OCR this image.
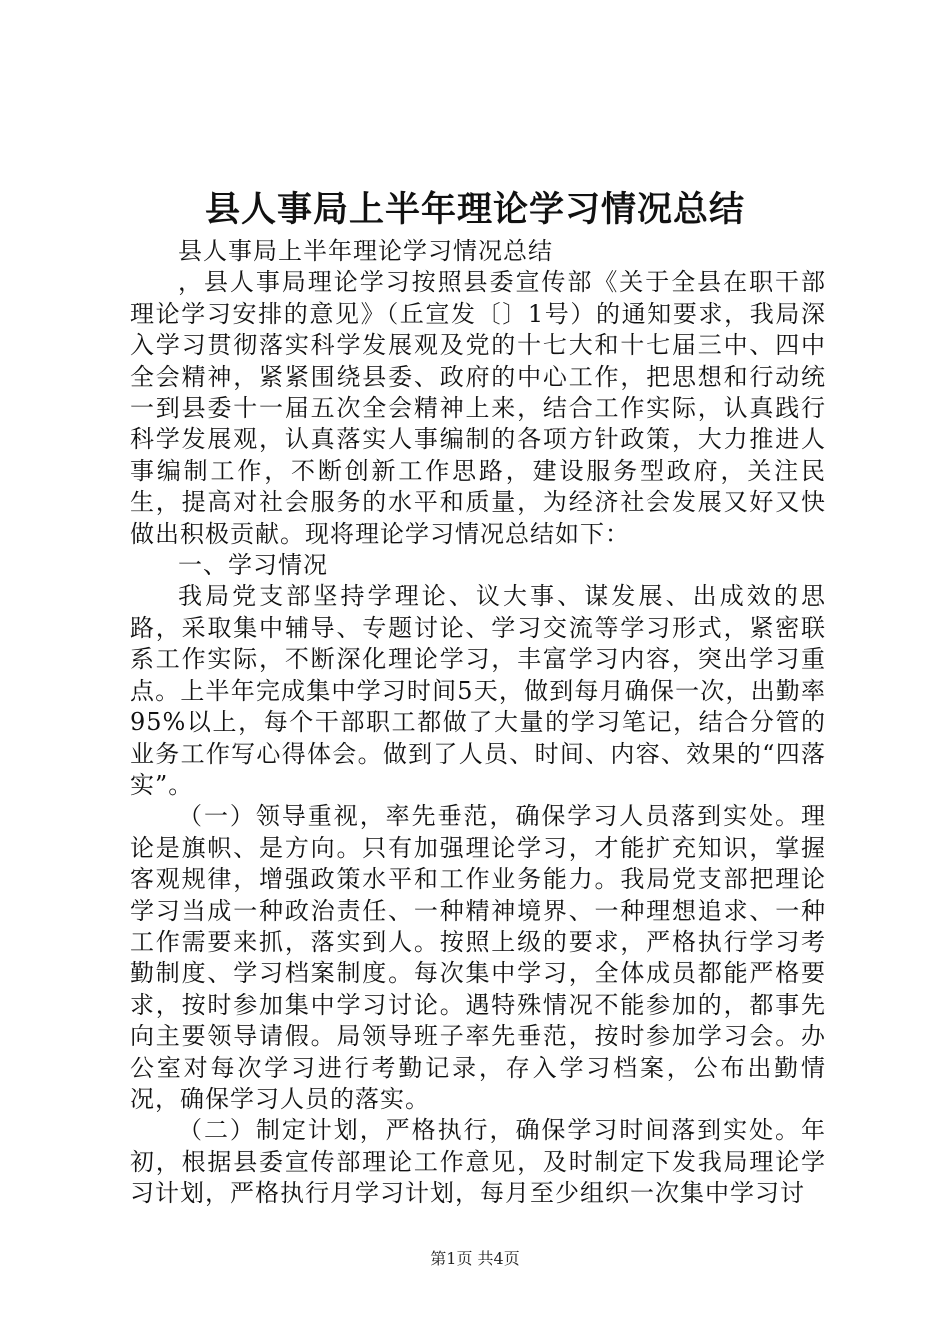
县人事局上半年理论学习情况总结

县人事局上半年理论学习情况总结

，县人事局理论学习按照县委宣传部《关于全县在职干部理论学习安排的意见》（丘宣发〔〕1号）的通知要求，我局深入学习贯彻落实科学发展观及党的十七大和十七届三中、四中全会精神，紧紧围绕县委、政府的中心工作，把思想和行动统一到县委十一届五次全会精神上来，结合工作实际，认真践行科学发展观，认真落实人事编制的各项方针政策，大力推进人事编制工作，不断创新工作思路，建设服务型政府，关注民生，提高对社会服务的水平和质量，为经济社会发展又好又快做出积极贡献。现将理论学习情况总结如下：

一、学习情况

我局党支部坚持学理论、议大事、谋发展、出成效的思路，采取集中辅导、专题讨论、学习交流等学习形式，紧密联系工作实际，不断深化理论学习，丰富学习内容，突出学习重点。上半年完成集中学习时间5天，做到每月确保一次，出勤率95%以上，每个干部职工都做了大量的学习笔记，结合分管的业务工作写心得体会。做到了人员、时间、内容、效果的“四落实”。

（一）领导重视，率先垂范，确保学习人员落到实处。理论是旗帜、是方向。只有加强理论学习，才能扩充知识，掌握客观规律，增强政策水平和工作业务能力。我局党支部把理论学习当成一种政治责任、一种精神境界、一种理想追求、一种工作需要来抓，落实到人。按照上级的要求，严格执行学习考勤制度、学习档案制度。每次集中学习，全体成员都能严格要求，按时参加集中学习讨论。遇特殊情况不能参加的，都事先向主要领导请假。局领导班子率先垂范，按时参加学习会。办公室对每次学习进行考勤记录，存入学习档案，公布出勤情况，确保学习人员的落实。

（二）制定计划，严格执行，确保学习时间落到实处。年初，根据县委宣传部理论工作意见，及时制定下发我局理论学习计划，严格执行月学习计划，每月至少组织一次集中学习讨

第1页 共4页
